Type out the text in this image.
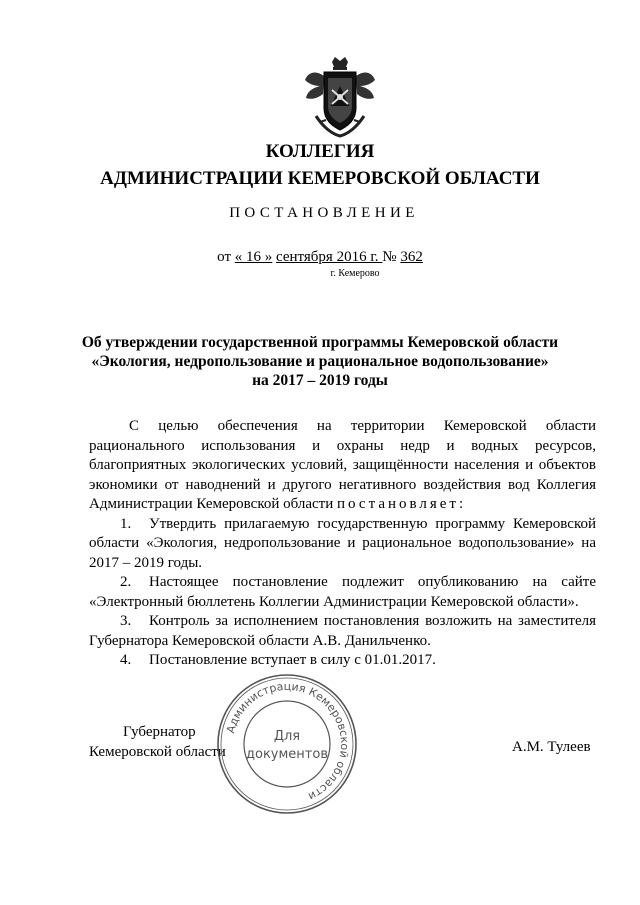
КОЛЛЕГИЯ
АДМИНИСТРАЦИИ КЕМЕРОВСКОЙ ОБЛАСТИ
ПОСТАНОВЛЕНИЕ
от « 16 » сентября 2016 г. № 362
г. Кемерово
Об утверждении государственной программы Кемеровской области
«Экология, недропользование и рациональное водопользование»
на 2017 – 2019 годы

С целью обеспечения на территории Кемеровской области рационального использования и охраны недр и водных ресурсов, благоприятных экологических условий, защищённости населения и объектов экономики от наводнений и другого негативного воздействия вод Коллегия Администрации Кемеровской области постановляет:

1. Утвердить прилагаемую государственную программу Кемеровской области «Экология, недропользование и рациональное водопользование» на 2017 – 2019 годы.

2. Настоящее постановление подлежит опубликованию на сайте «Электронный бюллетень Коллегии Администрации Кемеровской области».

3. Контроль за исполнением постановления возложить на заместителя Губернатора Кемеровской области А.В. Данильченко.

4. Постановление вступает в силу с 01.01.2017.

Губернатор
Кемеровской области	А.М. Тулеев
Администрация Кемеровской области
Для
документов
